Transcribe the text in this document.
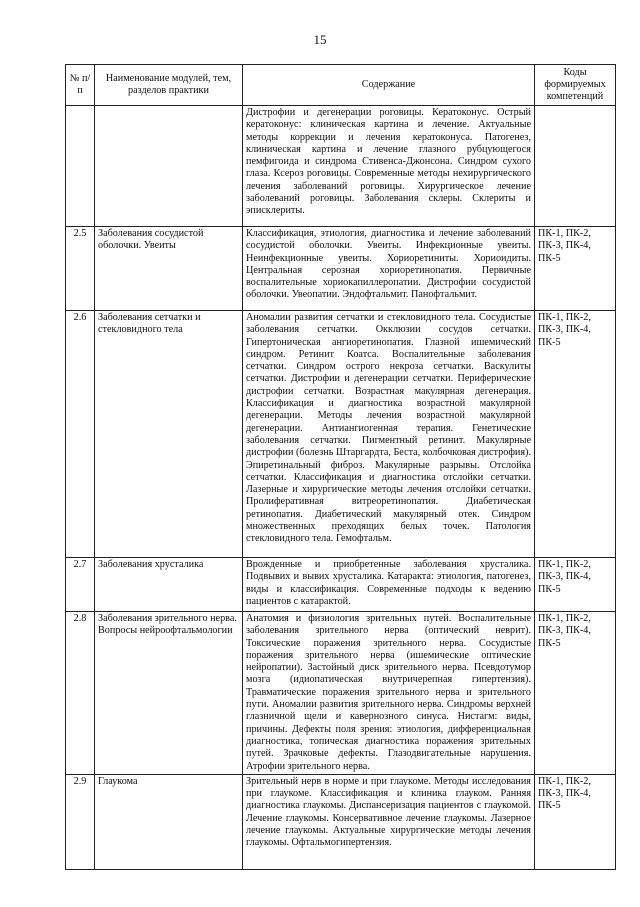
15
№ п/п	Наименование модулей, тем, разделов практики	Содержание	Коды формируемых компетенций
		Дистрофии и дегенерации роговицы. Кератоконус. Острый кератоконус: клиническая картина и лечение. Актуальные методы коррекции и лечения кератоконуса. Патогенез, клиническая картина и лечение глазного рубцующегося пемфигоида и синдрома Стивенса-Джонсона. Синдром сухого глаза. Ксероз роговицы. Современные методы нехирургического лечения заболеваний роговицы. Хирургическое лечение заболеваний роговицы. Заболевания склеры. Склериты и эписклериты.	
2.5	Заболевания сосудистой оболочки. Увеиты	Классификация, этиология, диагностика и лечение заболеваний сосудистой оболочки. Увеиты. Инфекционные увеиты. Неинфекционные увеиты. Хориоретиниты. Хориоидиты. Центральная серозная хориоретинопатия. Первичные воспалительные хориокапиллеропатии. Дистрофии сосудистой оболочки. Увеопатии. Эндофтальмит. Панофтальмит.	ПК-1, ПК-2, ПК-3, ПК-4, ПК-5
2.6	Заболевания сетчатки и стекловидного тела	Аномалии развития сетчатки и стекловидного тела. Сосудистые заболевания сетчатки. Окклюзии сосудов сетчатки. Гипертоническая ангиоретинопатия. Глазной ишемический синдром. Ретинит Коатса. Воспалительные заболевания сетчатки. Синдром острого некроза сетчатки. Васкулиты сетчатки. Дистрофии и дегенерации сетчатки. Периферические дистрофии сетчатки. Возрастная макулярная дегенерация. Классификация и диагностика возрастной макулярной дегенерации. Методы лечения возрастной макулярной дегенерации. Антиангиогенная терапия. Генетические заболевания сетчатки. Пигментный ретинит. Макулярные дистрофии (болезнь Штаргардта, Беста, колбочковая дистрофия). Эпиретинальный фиброз. Макулярные разрывы. Отслойка сетчатки. Классификация и диагностика отслойки сетчатки. Лазерные и хирургические методы лечения отслойки сетчатки. Пролиферативная витреоретинопатия. Диабетическая ретинопатия. Диабетический макулярный отек. Синдром множественных преходящих белых точек. Патология стекловидного тела. Гемофтальм.	ПК-1, ПК-2, ПК-3, ПК-4, ПК-5
2.7	Заболевания хрусталика	Врожденные и приобретенные заболевания хрусталика. Подвывих и вывих хрусталика. Катаракта: этиология, патогенез, виды и классификация. Современные подходы к ведению пациентов с катарактой.	ПК-1, ПК-2, ПК-3, ПК-4, ПК-5
2.8	Заболевания зрительного нерва. Вопросы нейроофтальмологии	Анатомия и физиология зрительных путей. Воспалительные заболевания зрительного нерва (оптический неврит). Токсические поражения зрительного нерва. Сосудистые поражения зрительного нерва (ишемические оптические нейропатии). Застойный диск зрительного нерва. Псевдотумор мозга (идиопатическая внутричерепная гипертензия). Травматические поражения зрительного нерва и зрительного пути. Аномалии развития зрительного нерва. Синдромы верхней глазничной щели и кавернозного синуса. Нистагм: виды, причины. Дефекты поля зрения: этиология, дифференциальная диагностика, топическая диагностика поражения зрительных путей. Зрачковые дефекты. Глазодвигательные нарушения. Атрофии зрительного нерва.	ПК-1, ПК-2, ПК-3, ПК-4, ПК-5
2.9	Глаукома	Зрительный нерв в норме и при глаукоме. Методы исследования при глаукоме. Классификация и клиника глауком. Ранняя диагностика глаукомы. Диспансеризация пациентов с глаукомой. Лечение глаукомы. Консервативное лечение глаукомы. Лазерное лечение глаукомы. Актуальные хирургические методы лечения глаукомы. Офтальмогипертензия.	ПК-1, ПК-2, ПК-3, ПК-4, ПК-5
